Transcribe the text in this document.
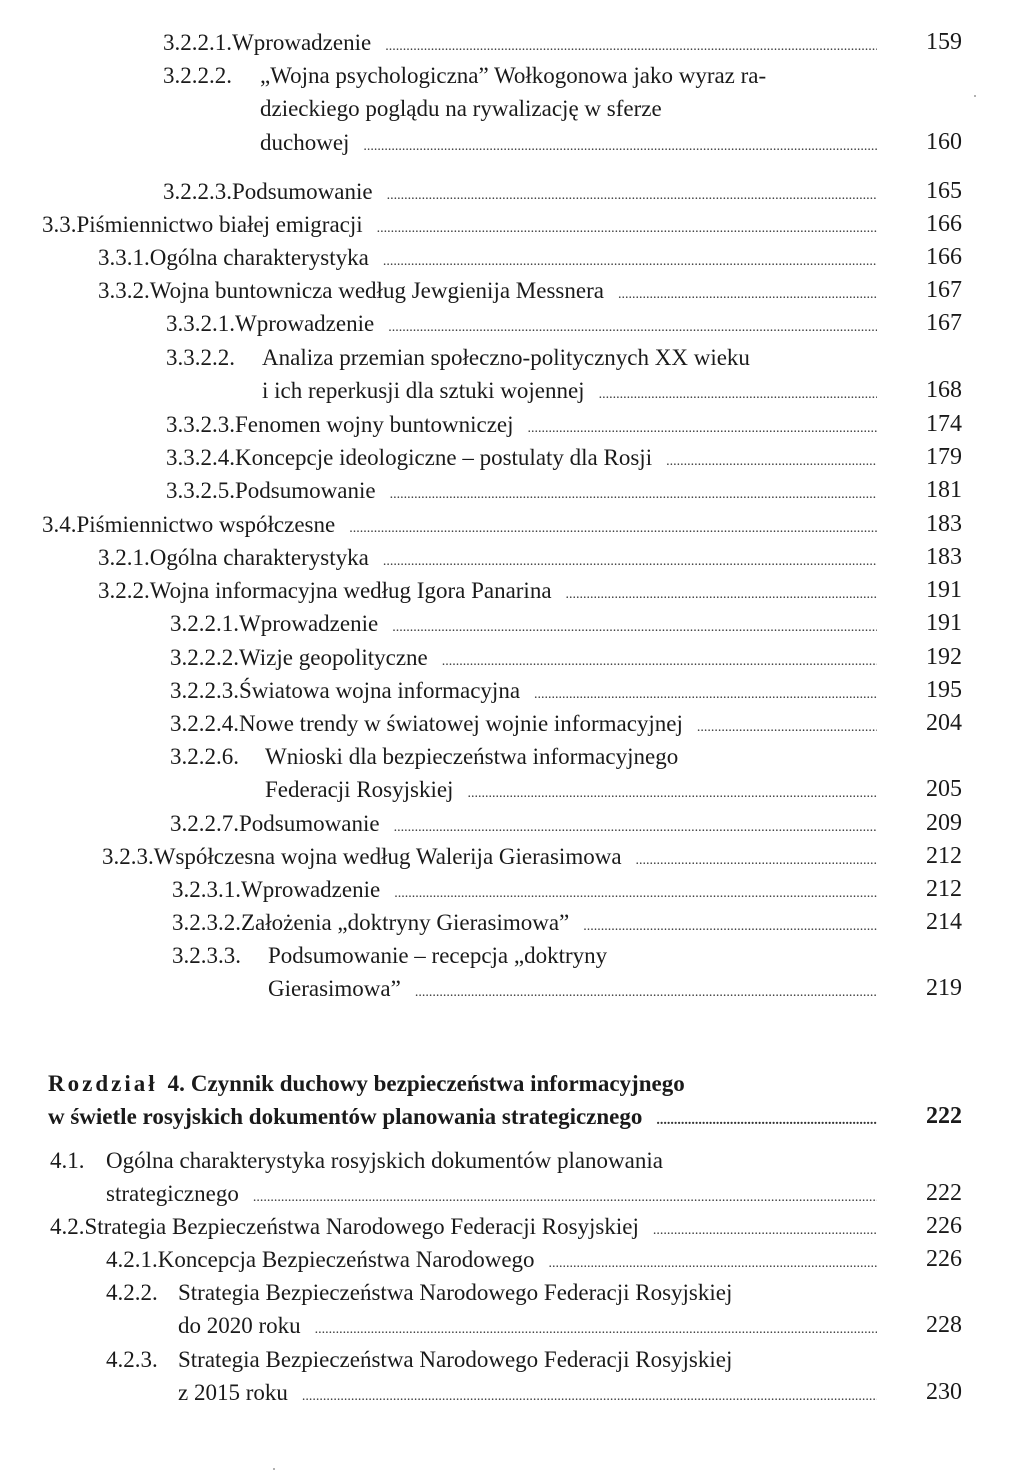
3.2.2.1. Wprowadzenie .....	159
3.2.2.2.	„Wojna psychologiczna” Wołkogonowa jako wyraz ra-
dzieckiego poglądu na rywalizację w sferze
duchowej .....	160
3.2.2.3. Podsumowanie .....	165
3.3. Piśmiennictwo białej emigracji .....	166
3.3.1. Ogólna charakterystyka .....	166
3.3.2. Wojna buntownicza według Jewgienija Messnera .....	167
3.3.2.1. Wprowadzenie .....	167
3.3.2.2.	Analiza przemian społeczno-politycznych XX wieku
i ich reperkusji dla sztuki wojennej .....	168
3.3.2.3. Fenomen wojny buntowniczej .....	174
3.3.2.4. Koncepcje ideologiczne – postulaty dla Rosji .....	179
3.3.2.5. Podsumowanie .....	181
3.4. Piśmiennictwo współczesne .....	183
3.2.1. Ogólna charakterystyka .....	183
3.2.2. Wojna informacyjna według Igora Panarina .....	191
3.2.2.1. Wprowadzenie .....	191
3.2.2.2. Wizje geopolityczne .....	192
3.2.2.3. Światowa wojna informacyjna .....	195
3.2.2.4. Nowe trendy w światowej wojnie informacyjnej .....	204
3.2.2.6.	Wnioski dla bezpieczeństwa informacyjnego
Federacji Rosyjskiej .....	205
3.2.2.7. Podsumowanie .....	209
3.2.3. Współczesna wojna według Walerija Gierasimowa .....	212
3.2.3.1. Wprowadzenie .....	212
3.2.3.2. Założenia „doktryny Gierasimowa” .....	214
3.2.3.3.	Podsumowanie – recepcja „doktryny
Gierasimowa” .....	219
Rozdział 4. Czynnik duchowy bezpieczeństwa informacyjnego
w świetle rosyjskich dokumentów planowania strategicznego .....	222
4.1. Ogólna charakterystyka rosyjskich dokumentów planowania
strategicznego .....	222
4.2. Strategia Bezpieczeństwa Narodowego Federacji Rosyjskiej .....	226
4.2.1. Koncepcja Bezpieczeństwa Narodowego .....	226
4.2.2. Strategia Bezpieczeństwa Narodowego Federacji Rosyjskiej
do 2020 roku .....	228
4.2.3. Strategia Bezpieczeństwa Narodowego Federacji Rosyjskiej
z 2015 roku .....	230
